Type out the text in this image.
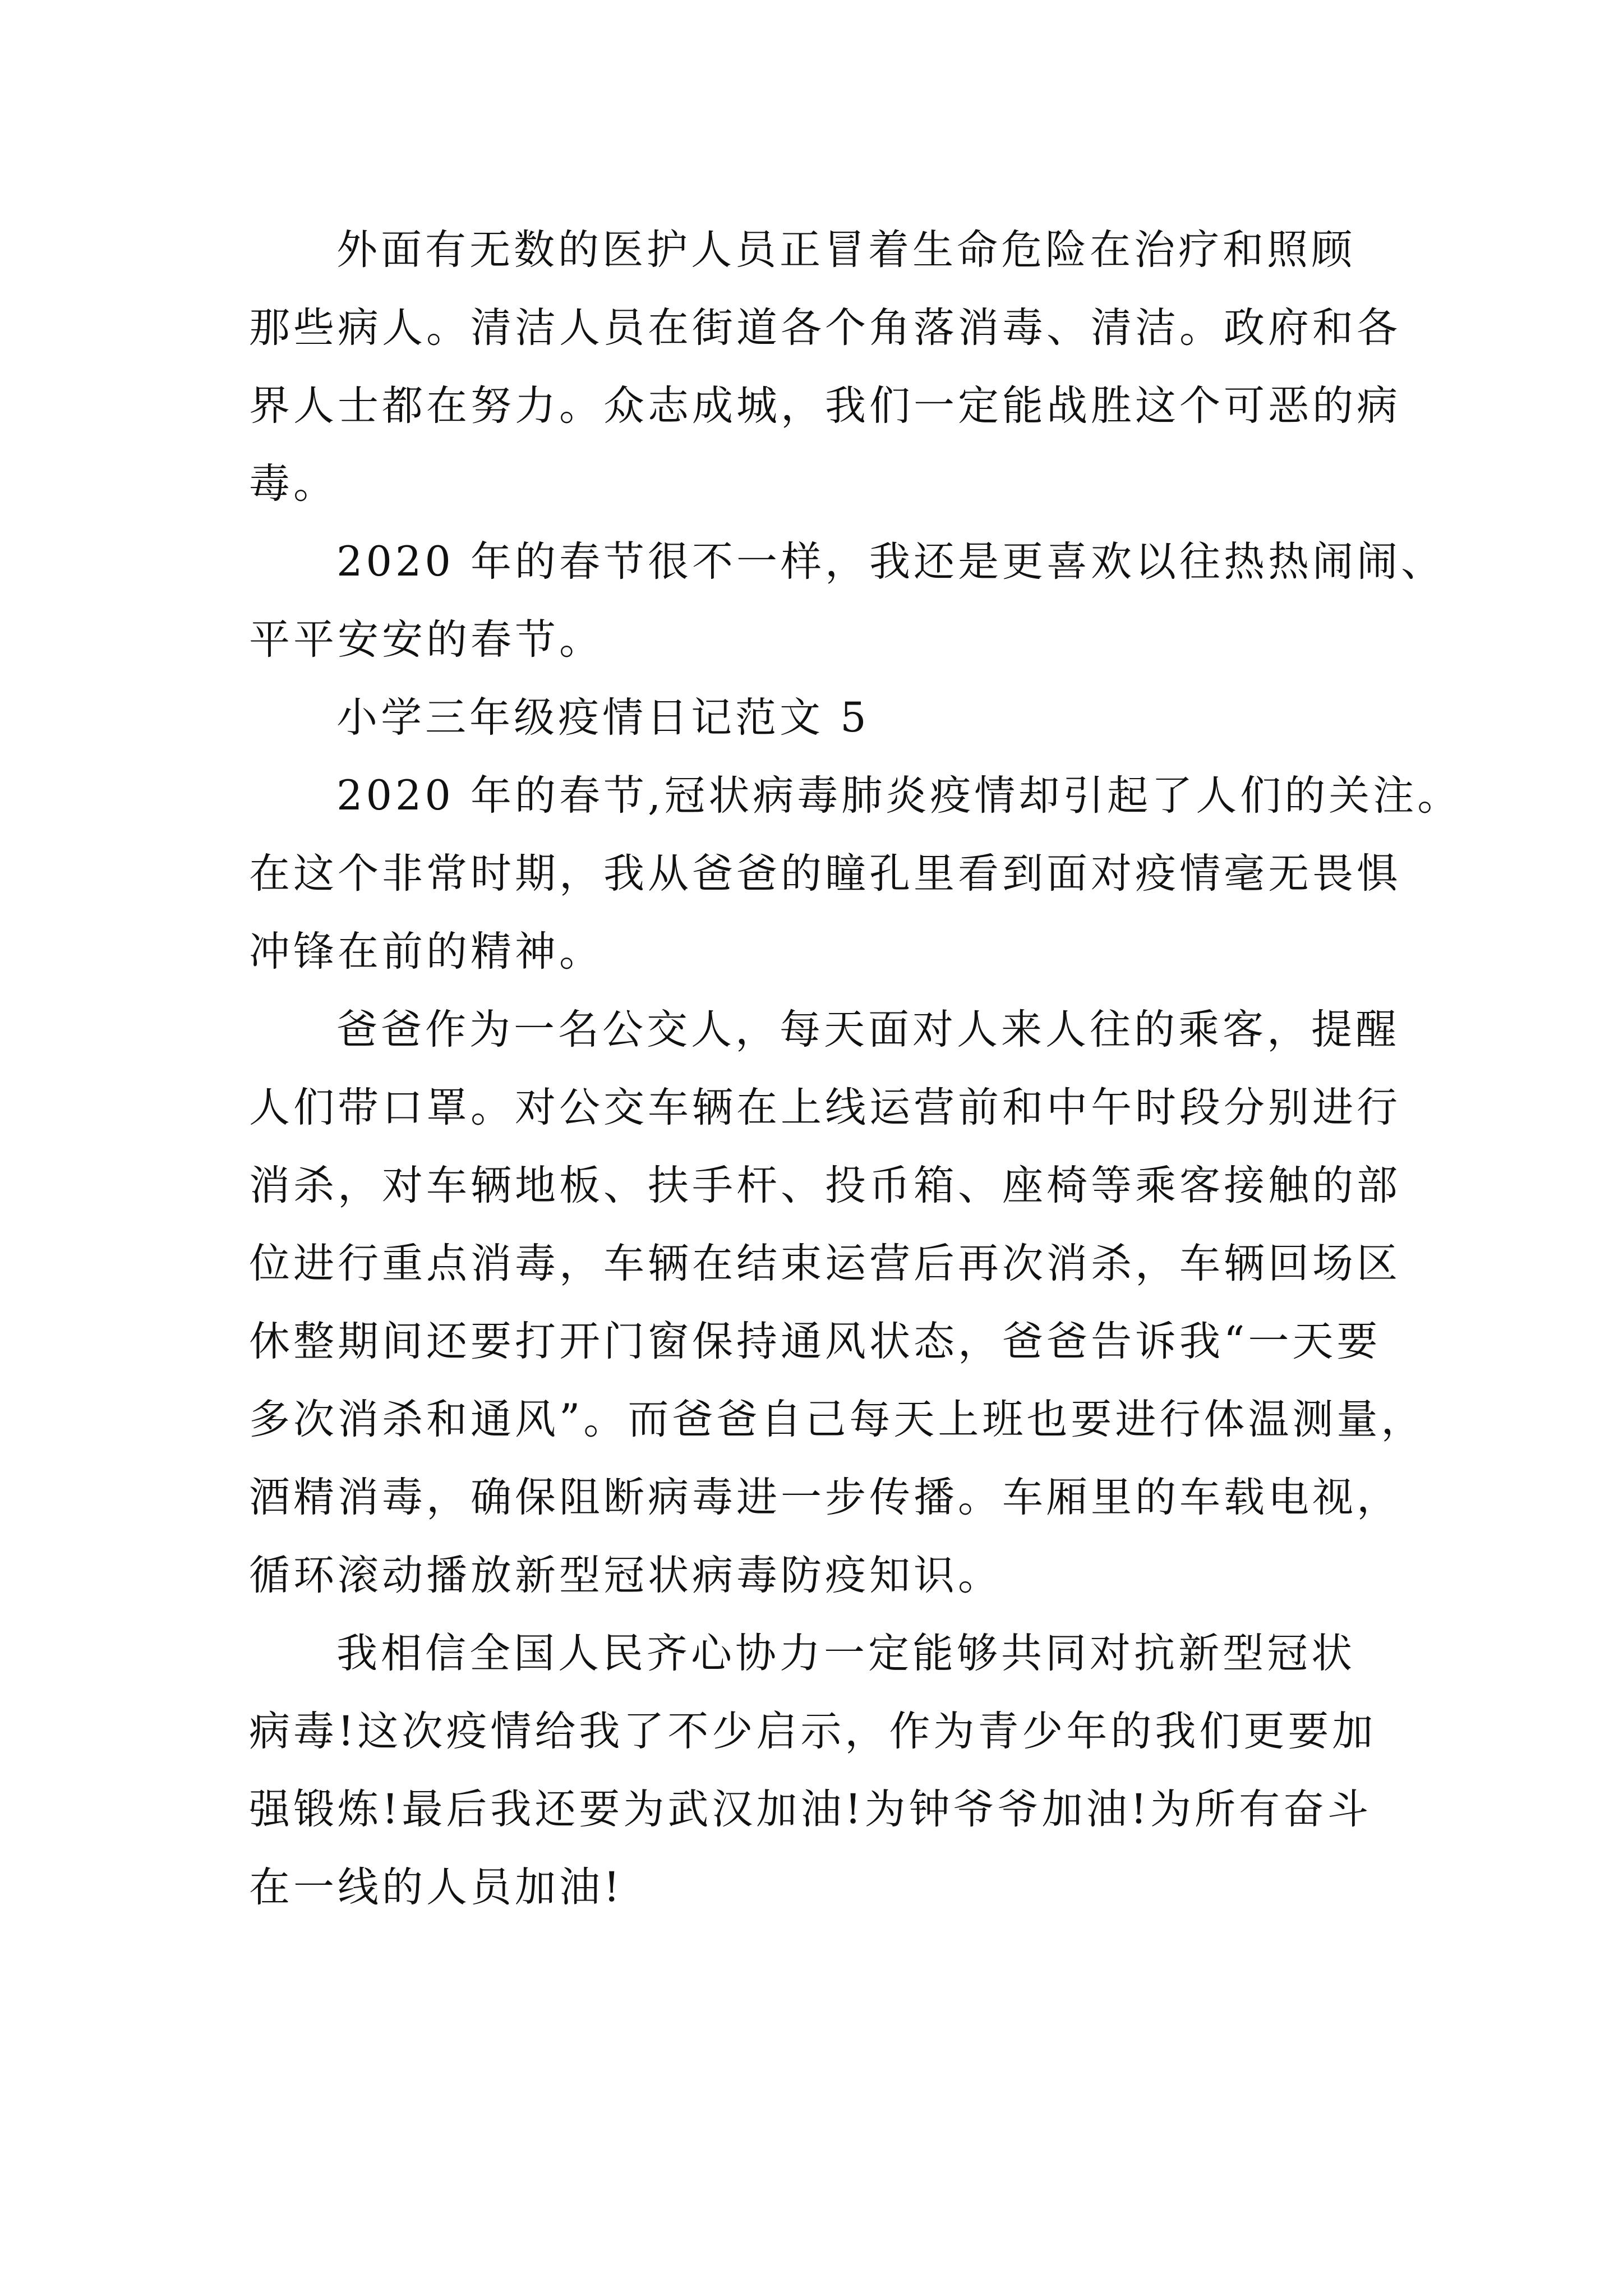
外面有无数的医护人员正冒着生命危险在治疗和照顾
那些病人。清洁人员在街道各个角落消毒、清洁。政府和各
界人士都在努力。众志成城，我们一定能战胜这个可恶的病
毒。
2020 年的春节很不一样，我还是更喜欢以往热热闹闹、
平平安安的春节。
小学三年级疫情日记范文 5
2020 年的春节,冠状病毒肺炎疫情却引起了人们的关注。
在这个非常时期，我从爸爸的瞳孔里看到面对疫情毫无畏惧
冲锋在前的精神。
爸爸作为一名公交人，每天面对人来人往的乘客，提醒
人们带口罩。对公交车辆在上线运营前和中午时段分别进行
消杀，对车辆地板、扶手杆、投币箱、座椅等乘客接触的部
位进行重点消毒，车辆在结束运营后再次消杀，车辆回场区
休整期间还要打开门窗保持通风状态，爸爸告诉我“一天要
多次消杀和通风”。而爸爸自己每天上班也要进行体温测量，
酒精消毒，确保阻断病毒进一步传播。车厢里的车载电视，
循环滚动播放新型冠状病毒防疫知识。
我相信全国人民齐心协力一定能够共同对抗新型冠状
病毒!这次疫情给我了不少启示，作为青少年的我们更要加
强锻炼!最后我还要为武汉加油!为钟爷爷加油!为所有奋斗
在一线的人员加油!
